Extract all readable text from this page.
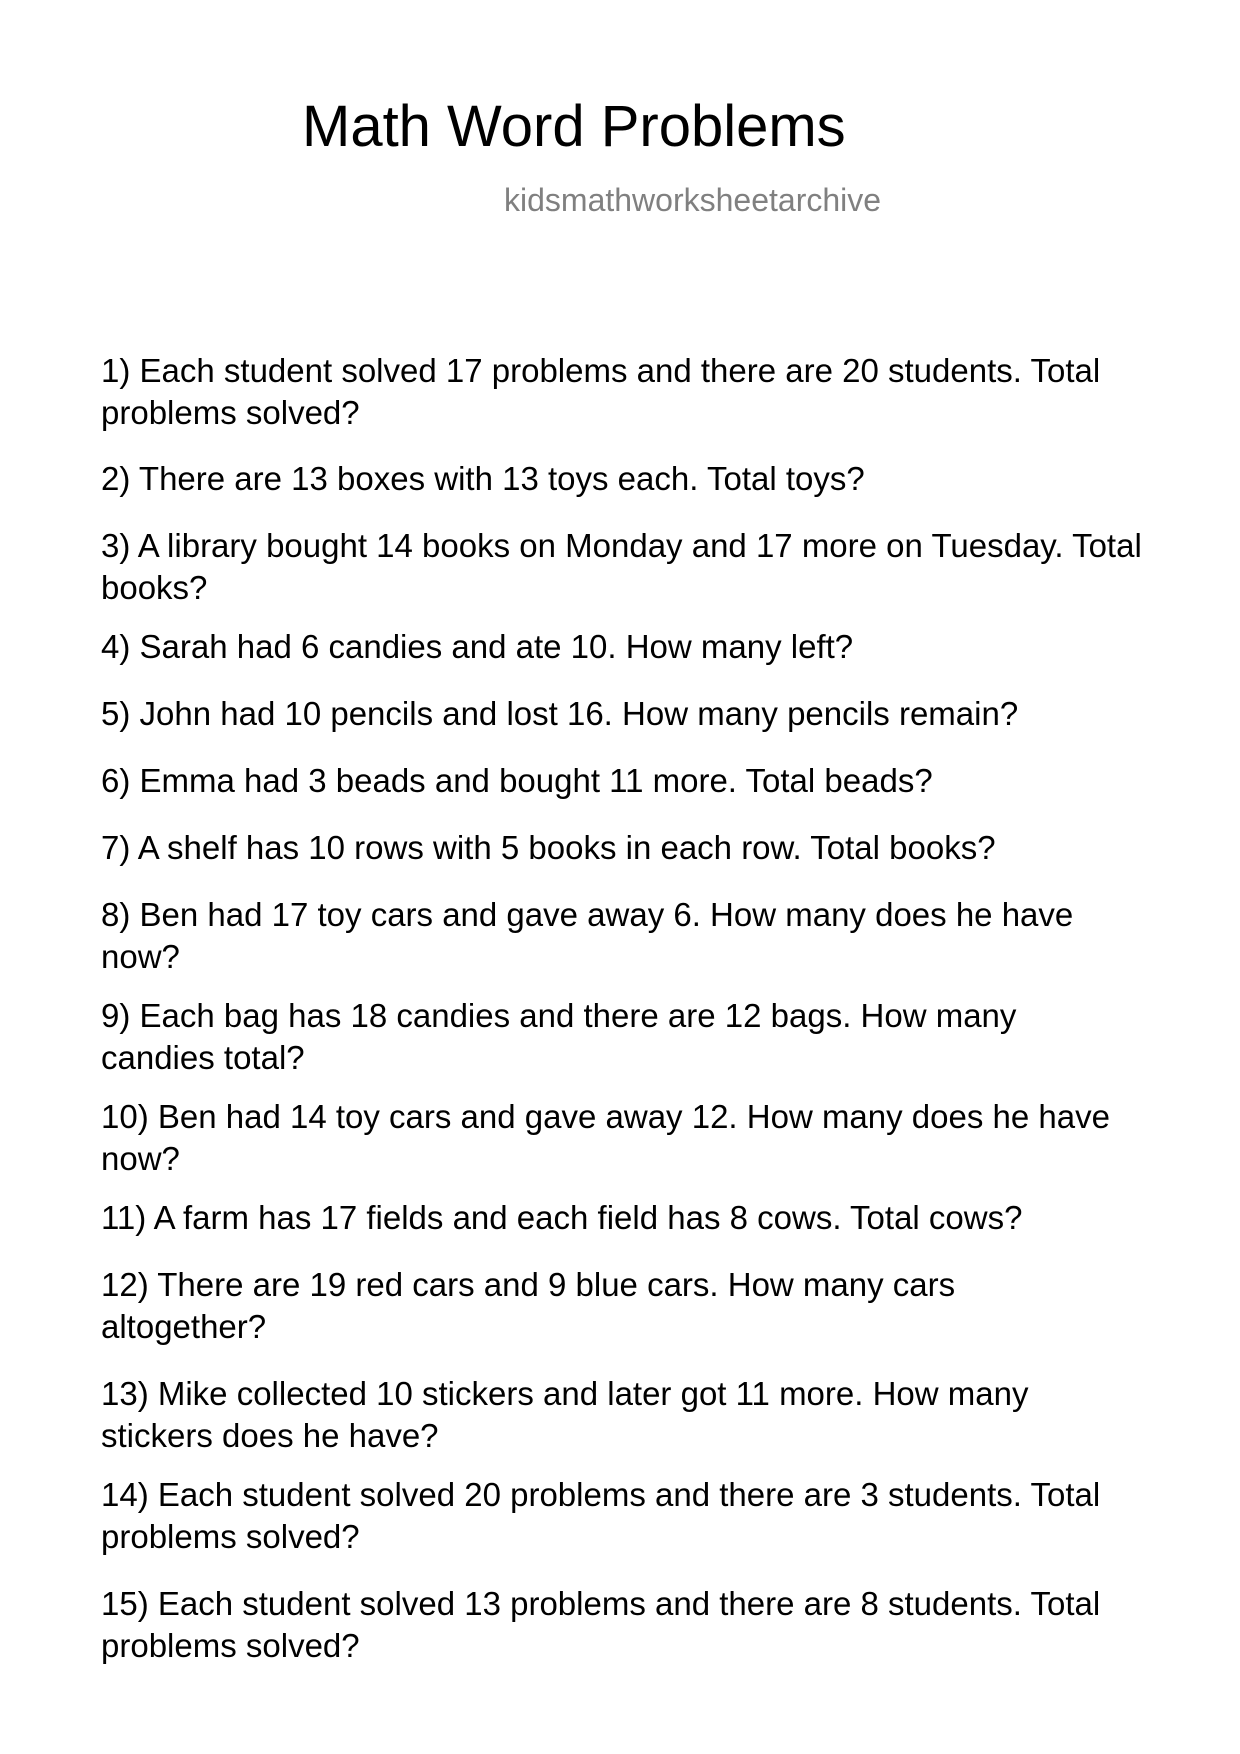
Math Word Problems
kidsmathworksheetarchive

1) Each student solved 17 problems and there are 20 students. Total problems solved?

2) There are 13 boxes with 13 toys each. Total toys?

3) A library bought 14 books on Monday and 17 more on Tuesday. Total books?

4) Sarah had 6 candies and ate 10. How many left?

5) John had 10 pencils and lost 16. How many pencils remain?

6) Emma had 3 beads and bought 11 more. Total beads?

7) A shelf has 10 rows with 5 books in each row. Total books?

8) Ben had 17 toy cars and gave away 6. How many does he have now?

9) Each bag has 18 candies and there are 12 bags. How many candies total?

10) Ben had 14 toy cars and gave away 12. How many does he have now?

11) A farm has 17 fields and each field has 8 cows. Total cows?

12) There are 19 red cars and 9 blue cars. How many cars altogether?

13) Mike collected 10 stickers and later got 11 more. How many stickers does he have?

14) Each student solved 20 problems and there are 3 students. Total problems solved?

15) Each student solved 13 problems and there are 8 students. Total problems solved?
